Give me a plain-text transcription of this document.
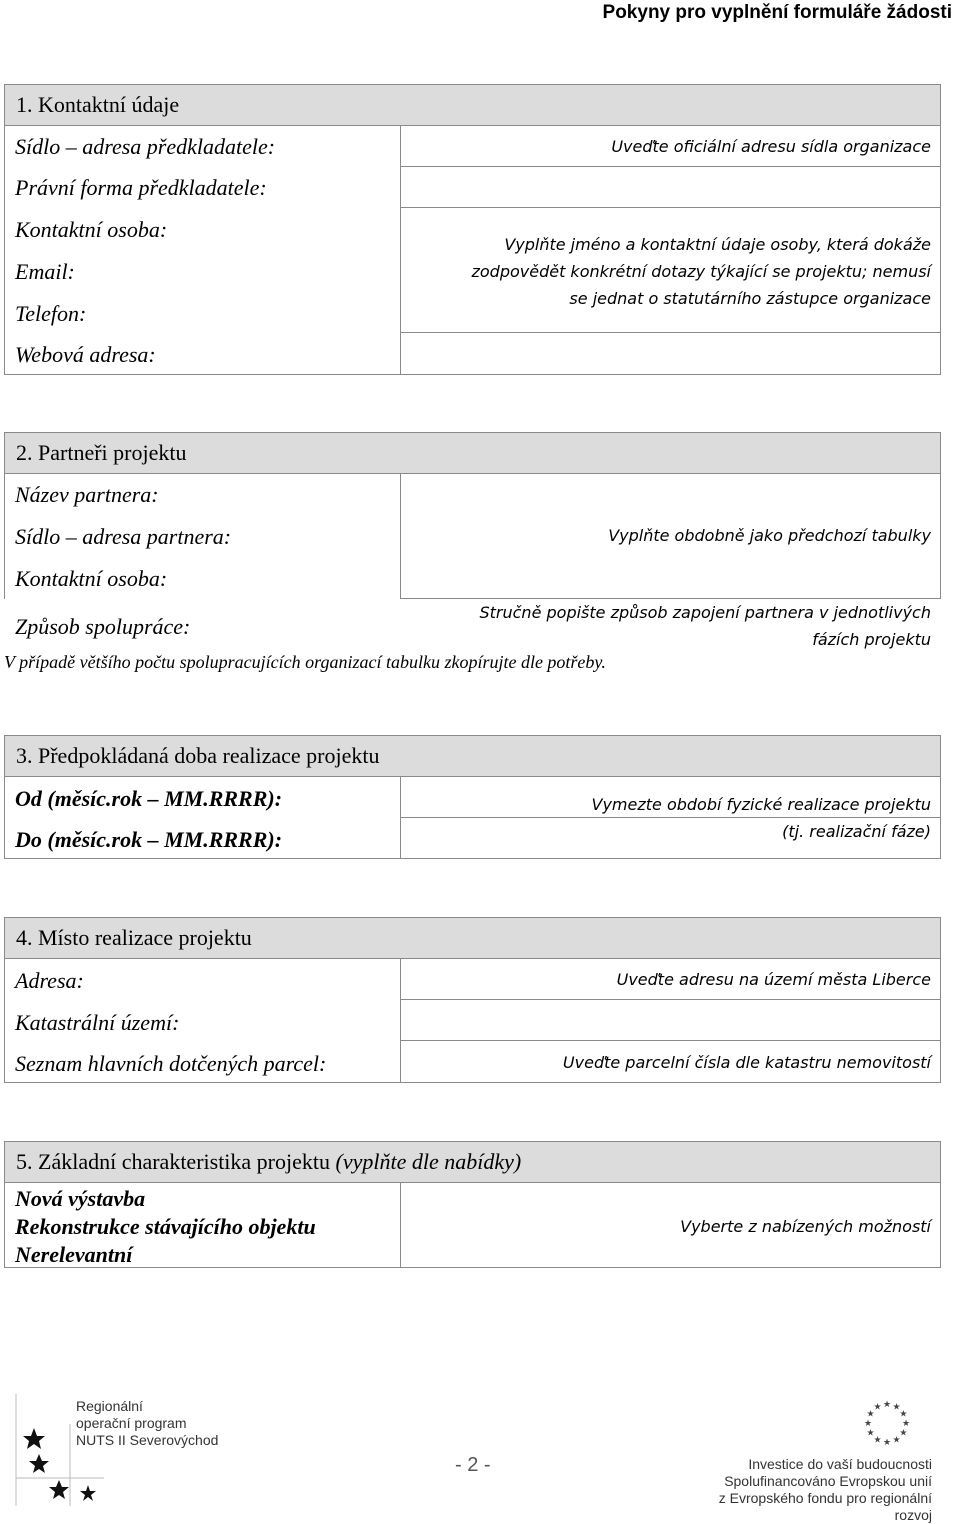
Pokyny pro vyplnění formuláře žádosti
1. Kontaktní údaje
Sídlo – adresa předkladatele:
Právní forma předkladatele:
Kontaktní osoba:
Email:
Telefon:
Webová adresa:
Uveďte oficiální adresu sídla organizace
Vyplňte jméno a kontaktní údaje osoby, která dokáže
zodpovědět konkrétní dotazy týkající se projektu; nemusí
se jednat o statutárního zástupce organizace
2. Partneři projektu
Název partnera:
Sídlo – adresa partnera:
Kontaktní osoba:
Způsob spolupráce:
Vyplňte obdobně jako předchozí tabulky
Stručně popište způsob zapojení partnera v jednotlivých
fázích projektu
V případě většího počtu spolupracujících organizací tabulku zkopírujte dle potřeby.
3. Předpokládaná doba realizace projektu
Od (měsíc.rok – MM.RRRR):
Do (měsíc.rok – MM.RRRR):
Vymezte období fyzické realizace projektu
(tj. realizační fáze)
4. Místo realizace projektu
Adresa:
Katastrální území:
Seznam hlavních dotčených parcel:
Uveďte adresu na území města Liberce
Uveďte parcelní čísla dle katastru nemovitostí
5. Základní charakteristika projektu (vyplňte dle nabídky)
Nová výstavba
Rekonstrukce stávajícího objektu
Nerelevantní
Vyberte z nabízených možností
Regionální
operační program
NUTS II Severovýchod
- 2 -
★
★
★
★
★
★
★
★
★ ★ ★
★
Investice do vaší budoucnosti
Spolufinancováno Evropskou unií
z Evropského fondu pro regionální rozvoj
